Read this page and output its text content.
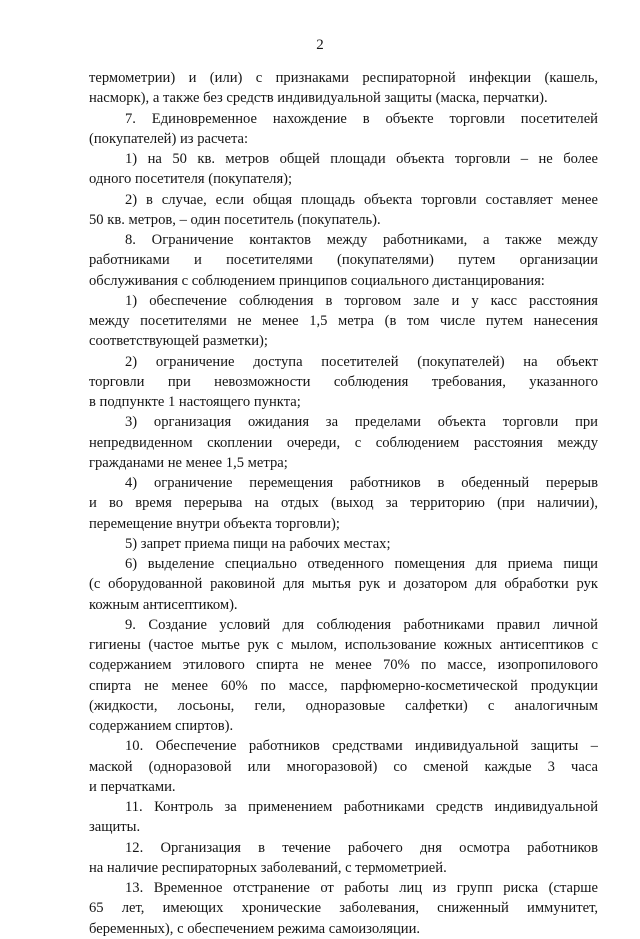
2
термометрии) и (или) с признаками респираторной инфекции (кашель,
насморк), а также без средств индивидуальной защиты (маска, перчатки).
7. Единовременное нахождение в объекте торговли посетителей
(покупателей) из расчета:
1) на 50 кв. метров общей площади объекта торговли – не более
одного посетителя (покупателя);
2) в случае, если общая площадь объекта торговли составляет менее
50 кв. метров, – один посетитель (покупатель).
8. Ограничение контактов между работниками, а также между
работниками и посетителями (покупателями) путем организации
обслуживания с соблюдением принципов социального дистанцирования:
1) обеспечение соблюдения в торговом зале и у касс расстояния
между посетителями не менее 1,5 метра (в том числе путем нанесения
соответствующей разметки);
2) ограничение доступа посетителей (покупателей) на объект
торговли при невозможности соблюдения требования, указанного
в подпункте 1 настоящего пункта;
3) организация ожидания за пределами объекта торговли при
непредвиденном скоплении очереди, с соблюдением расстояния между
гражданами не менее 1,5 метра;
4) ограничение перемещения работников в обеденный перерыв
и во время перерыва на отдых (выход за территорию (при наличии),
перемещение внутри объекта торговли);
5) запрет приема пищи на рабочих местах;
6) выделение специально отведенного помещения для приема пищи
(с оборудованной раковиной для мытья рук и дозатором для обработки рук
кожным антисептиком).
9. Создание условий для соблюдения работниками правил личной
гигиены (частое мытье рук с мылом, использование кожных антисептиков с
содержанием этилового спирта не менее 70% по массе, изопропилового
спирта не менее 60% по массе, парфюмерно-косметической продукции
(жидкости, лосьоны, гели, одноразовые салфетки) с аналогичным
содержанием спиртов).
10. Обеспечение работников средствами индивидуальной защиты –
маской (одноразовой или многоразовой) со сменой каждые 3 часа
и перчатками.
11. Контроль за применением работниками средств индивидуальной
защиты.
12. Организация в течение рабочего дня осмотра работников
на наличие респираторных заболеваний, с термометрией.
13. Временное отстранение от работы лиц из групп риска (старше
65 лет, имеющих хронические заболевания, сниженный иммунитет,
беременных), с обеспечением режима самоизоляции.
